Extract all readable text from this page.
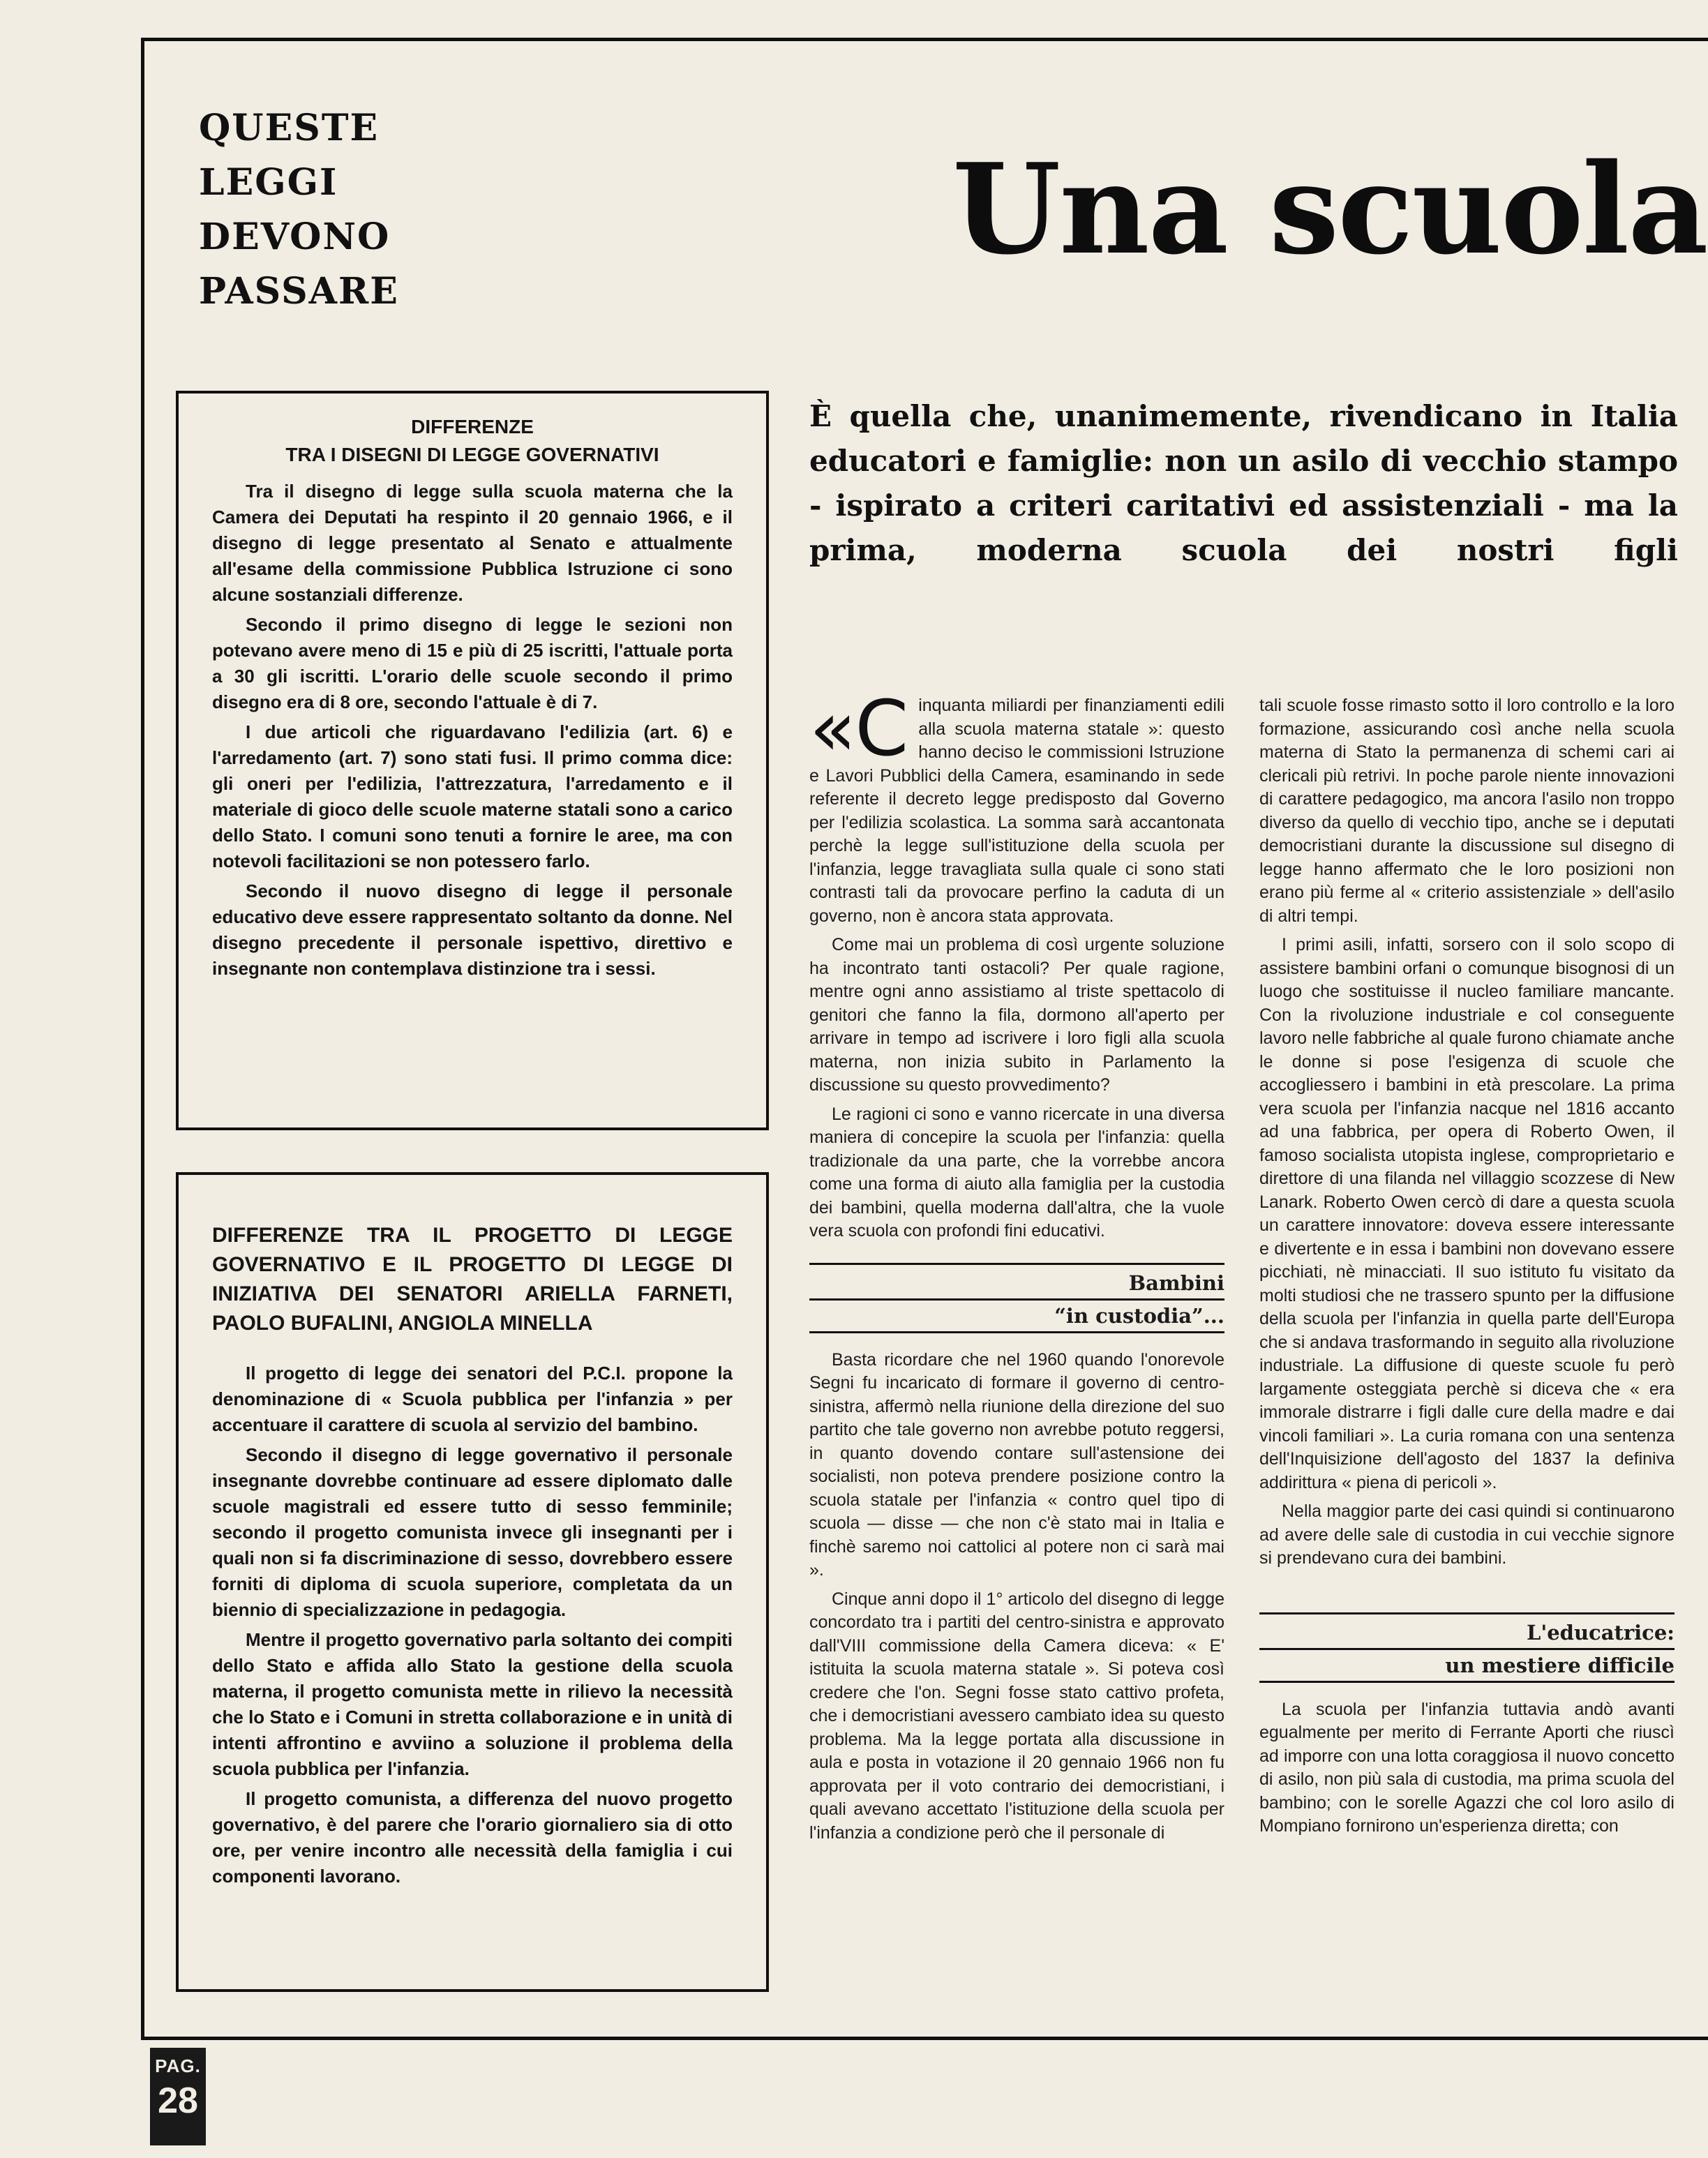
QUESTE
LEGGI
DEVONO
PASSARE
Una scuola
È quella che, unanimemente, rivendicano in Italia educatori e famiglie: non un asilo di vecchio stampo - ispirato a criteri caritativi ed assistenziali - ma la prima, moderna scuola dei nostri figli
DIFFERENZE
TRA I DISEGNI DI LEGGE GOVERNATIVI

Tra il disegno di legge sulla scuola materna che la Camera dei Deputati ha respinto il 20 gennaio 1966, e il disegno di legge presentato al Senato e attualmente all'esame della commissione Pubblica Istruzione ci sono alcune sostanziali differenze.

Secondo il primo disegno di legge le sezioni non potevano avere meno di 15 e più di 25 iscritti, l'attuale porta a 30 gli iscritti. L'orario delle scuole secondo il primo disegno era di 8 ore, secondo l'attuale è di 7.

I due articoli che riguardavano l'edilizia (art. 6) e l'arredamento (art. 7) sono stati fusi. Il primo comma dice: gli oneri per l'edilizia, l'attrezzatura, l'arredamento e il materiale di gioco delle scuole materne statali sono a carico dello Stato. I comuni sono tenuti a fornire le aree, ma con notevoli facilitazioni se non potessero farlo.

Secondo il nuovo disegno di legge il personale educativo deve essere rappresentato soltanto da donne. Nel disegno precedente il personale ispettivo, direttivo e insegnante non contemplava distinzione tra i sessi.

DIFFERENZE TRA IL PROGETTO DI LEGGE GOVERNATIVO E IL PROGETTO DI LEGGE DI INIZIATIVA DEI SENATORI ARIELLA FARNETI, PAOLO BUFALINI, ANGIOLA MINELLA

Il progetto di legge dei senatori del P.C.I. propone la denominazione di « Scuola pubblica per l'infanzia » per accentuare il carattere di scuola al servizio del bambino.

Secondo il disegno di legge governativo il personale insegnante dovrebbe continuare ad essere diplomato dalle scuole magistrali ed essere tutto di sesso femminile; secondo il progetto comunista invece gli insegnanti per i quali non si fa discriminazione di sesso, dovrebbero essere forniti di diploma di scuola superiore, completata da un biennio di specializzazione in pedagogia.

Mentre il progetto governativo parla soltanto dei compiti dello Stato e affida allo Stato la gestione della scuola materna, il progetto comunista mette in rilievo la necessità che lo Stato e i Comuni in stretta collaborazione e in unità di intenti affrontino e avviino a soluzione il problema della scuola pubblica per l'infanzia.

Il progetto comunista, a differenza del nuovo progetto governativo, è del parere che l'orario giornaliero sia di otto ore, per venire incontro alle necessità della famiglia i cui componenti lavorano.

«Cinquanta miliardi per finanziamenti edili alla scuola materna statale »: questo hanno deciso le commissioni Istruzione e Lavori Pubblici della Camera, esaminando in sede referente il decreto legge predisposto dal Governo per l'edilizia scolastica. La somma sarà accantonata perchè la legge sull'istituzione della scuola per l'infanzia, legge travagliata sulla quale ci sono stati contrasti tali da provocare perfino la caduta di un governo, non è ancora stata approvata.

Come mai un problema di così urgente soluzione ha incontrato tanti ostacoli? Per quale ragione, mentre ogni anno assistiamo al triste spettacolo di genitori che fanno la fila, dormono all'aperto per arrivare in tempo ad iscrivere i loro figli alla scuola materna, non inizia subito in Parlamento la discussione su questo provvedimento?

Le ragioni ci sono e vanno ricercate in una diversa maniera di concepire la scuola per l'infanzia: quella tradizionale da una parte, che la vorrebbe ancora come una forma di aiuto alla famiglia per la custodia dei bambini, quella moderna dall'altra, che la vuole vera scuola con profondi fini educativi.

Bambini
“in custodia”...

Basta ricordare che nel 1960 quando l'onorevole Segni fu incaricato di formare il governo di centro-sinistra, affermò nella riunione della direzione del suo partito che tale governo non avrebbe potuto reggersi, in quanto dovendo contare sull'astensione dei socialisti, non poteva prendere posizione contro la scuola statale per l'infanzia « contro quel tipo di scuola — disse — che non c'è stato mai in Italia e finchè saremo noi cattolici al potere non ci sarà mai ».

Cinque anni dopo il 1° articolo del disegno di legge concordato tra i partiti del centro-sinistra e approvato dall'VIII commissione della Camera diceva: « E' istituita la scuola materna statale ». Si poteva così credere che l'on. Segni fosse stato cattivo profeta, che i democristiani avessero cambiato idea su questo problema. Ma la legge portata alla discussione in aula e posta in votazione il 20 gennaio 1966 non fu approvata per il voto contrario dei democristiani, i quali avevano accettato l'istituzione della scuola per l'infanzia a condizione però che il personale di

tali scuole fosse rimasto sotto il loro controllo e la loro formazione, assicurando così anche nella scuola materna di Stato la permanenza di schemi cari ai clericali più retrivi. In poche parole niente innovazioni di carattere pedagogico, ma ancora l'asilo non troppo diverso da quello di vecchio tipo, anche se i deputati democristiani durante la discussione sul disegno di legge hanno affermato che le loro posizioni non erano più ferme al « criterio assistenziale » dell'asilo di altri tempi.

I primi asili, infatti, sorsero con il solo scopo di assistere bambini orfani o comunque bisognosi di un luogo che sostituisse il nucleo familiare mancante. Con la rivoluzione industriale e col conseguente lavoro nelle fabbriche al quale furono chiamate anche le donne si pose l'esigenza di scuole che accogliessero i bambini in età prescolare. La prima vera scuola per l'infanzia nacque nel 1816 accanto ad una fabbrica, per opera di Roberto Owen, il famoso socialista utopista inglese, comproprietario e direttore di una filanda nel villaggio scozzese di New Lanark. Roberto Owen cercò di dare a questa scuola un carattere innovatore: doveva essere interessante e divertente e in essa i bambini non dovevano essere picchiati, nè minacciati. Il suo istituto fu visitato da molti studiosi che ne trassero spunto per la diffusione della scuola per l'infanzia in quella parte dell'Europa che si andava trasformando in seguito alla rivoluzione industriale. La diffusione di queste scuole fu però largamente osteggiata perchè si diceva che « era immorale distrarre i figli dalle cure della madre e dai vincoli familiari ». La curia romana con una sentenza dell'Inquisizione dell'agosto del 1837 la definiva addirittura « piena di pericoli ».

Nella maggior parte dei casi quindi si continuarono ad avere delle sale di custodia in cui vecchie signore si prendevano cura dei bambini.

L'educatrice:
un mestiere difficile

La scuola per l'infanzia tuttavia andò avanti egualmente per merito di Ferrante Aporti che riuscì ad imporre con una lotta coraggiosa il nuovo concetto di asilo, non più sala di custodia, ma prima scuola del bambino; con le sorelle Agazzi che col loro asilo di Mompiano fornirono un'esperienza diretta; con

PAG.
28
